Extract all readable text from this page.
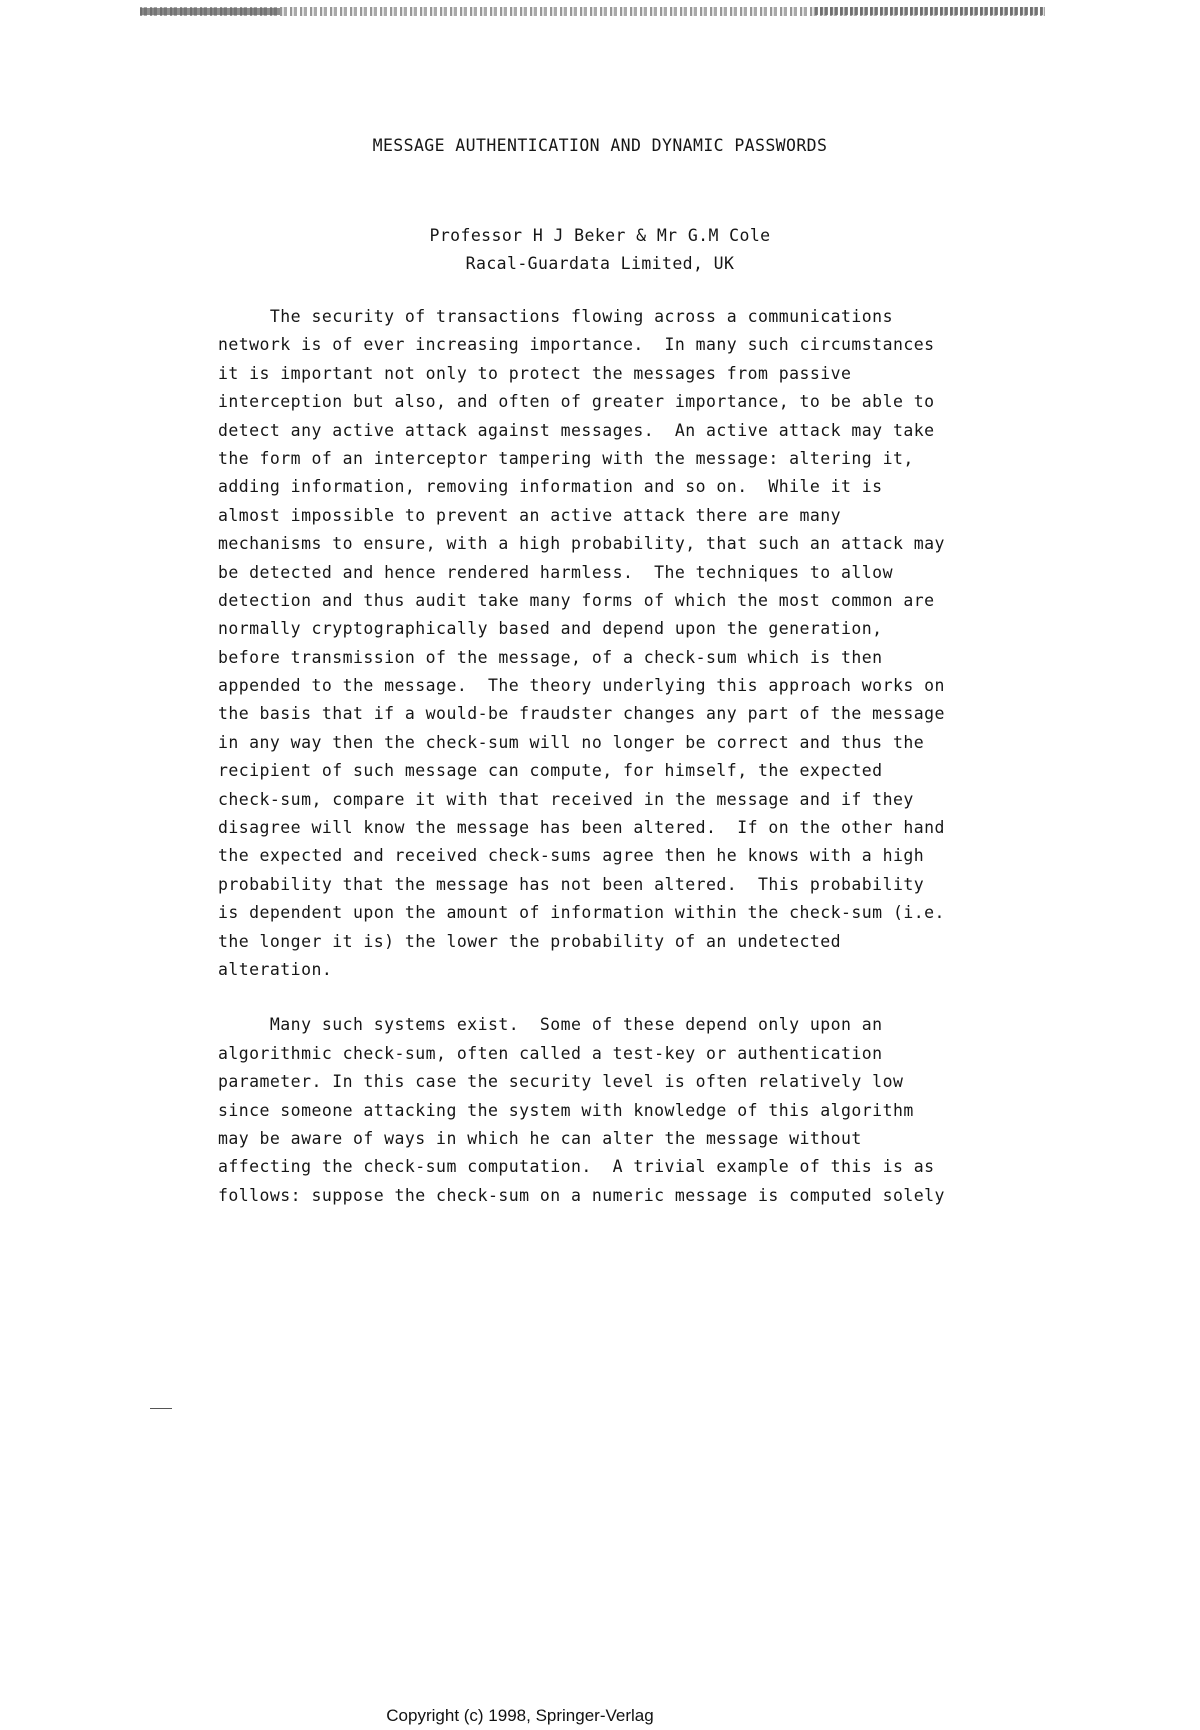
MESSAGE AUTHENTICATION AND DYNAMIC PASSWORDS
Professor H J Beker & Mr G.M Cole
Racal-Guardata Limited, UK
The security of transactions flowing across a communications
network is of ever increasing importance.  In many such circumstances
it is important not only to protect the messages from passive
interception but also, and often of greater importance, to be able to
detect any active attack against messages.  An active attack may take
the form of an interceptor tampering with the message: altering it,
adding information, removing information and so on.  While it is
almost impossible to prevent an active attack there are many
mechanisms to ensure, with a high probability, that such an attack may
be detected and hence rendered harmless.  The techniques to allow
detection and thus audit take many forms of which the most common are
normally cryptographically based and depend upon the generation,
before transmission of the message, of a check-sum which is then
appended to the message.  The theory underlying this approach works on
the basis that if a would-be fraudster changes any part of the message
in any way then the check-sum will no longer be correct and thus the
recipient of such message can compute, for himself, the expected
check-sum, compare it with that received in the message and if they
disagree will know the message has been altered.  If on the other hand
the expected and received check-sums agree then he knows with a high
probability that the message has not been altered.  This probability
is dependent upon the amount of information within the check-sum (i.e.
the longer it is) the lower the probability of an undetected
alteration.
Many such systems exist.  Some of these depend only upon an
algorithmic check-sum, often called a test-key or authentication
parameter. In this case the security level is often relatively low
since someone attacking the system with knowledge of this algorithm
may be aware of ways in which he can alter the message without
affecting the check-sum computation.  A trivial example of this is as
follows: suppose the check-sum on a numeric message is computed solely
Copyright (c) 1998, Springer-Verlag
